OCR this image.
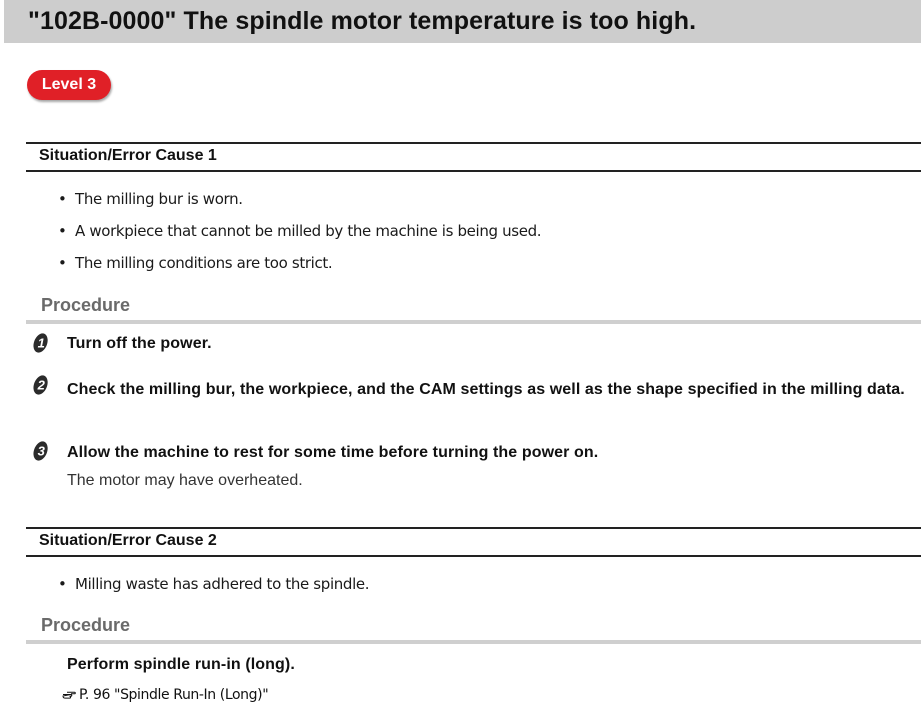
"102B-0000" The spindle motor temperature is too high.
Level 3
Situation/Error Cause 1
• The milling bur is worn.
• A workpiece that cannot be milled by the machine is being used.
• The milling conditions are too strict.
Procedure
1 Turn off the power.
2 Check the milling bur, the workpiece, and the CAM settings as well as the shape specified in the milling data.
3 Allow the machine to rest for some time before turning the power on.
The motor may have overheated.
Situation/Error Cause 2
• Milling waste has adhered to the spindle.
Procedure
Perform spindle run-in (long).
P. 96 "Spindle Run-In (Long)"
